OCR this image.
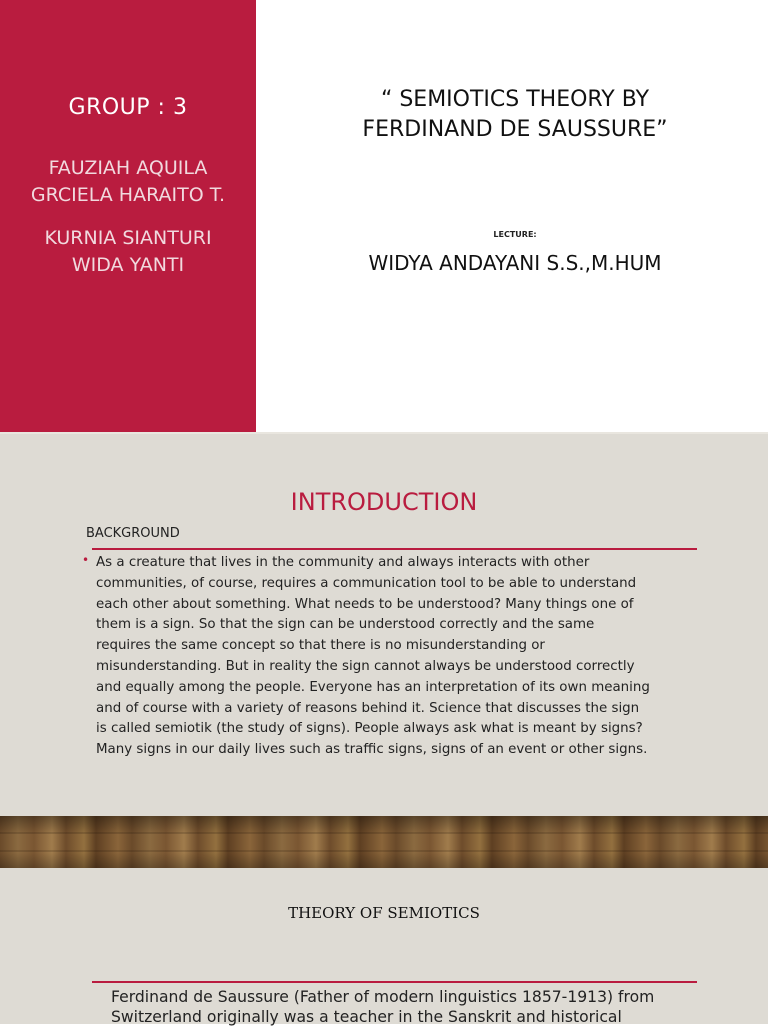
GROUP : 3
FAUZIAH AQUILA
GRCIELA HARAITO T.
KURNIA SIANTURI
WIDA YANTI
“ SEMIOTICS THEORY BY
FERDINAND DE SAUSSURE”
LECTURE:
WIDYA ANDAYANI S.S.,M.HUM
INTRODUCTION
BACKGROUND
• As a creature that lives in the community and always interacts with other
communities, of course, requires a communication tool to be able to understand
each other about something. What needs to be understood? Many things one of
them is a sign. So that the sign can be understood correctly and the same
requires the same concept so that there is no misunderstanding or
misunderstanding. But in reality the sign cannot always be understood correctly
and equally among the people. Everyone has an interpretation of its own meaning
and of course with a variety of reasons behind it. Science that discusses the sign
is called semiotik (the study of signs). People always ask what is meant by signs?
Many signs in our daily lives such as traffic signs, signs of an event or other signs.
THEORY OF SEMIOTICS
Ferdinand de Saussure (Father of modern linguistics 1857-1913) from
Switzerland originally was a teacher in the Sanskrit and historical
